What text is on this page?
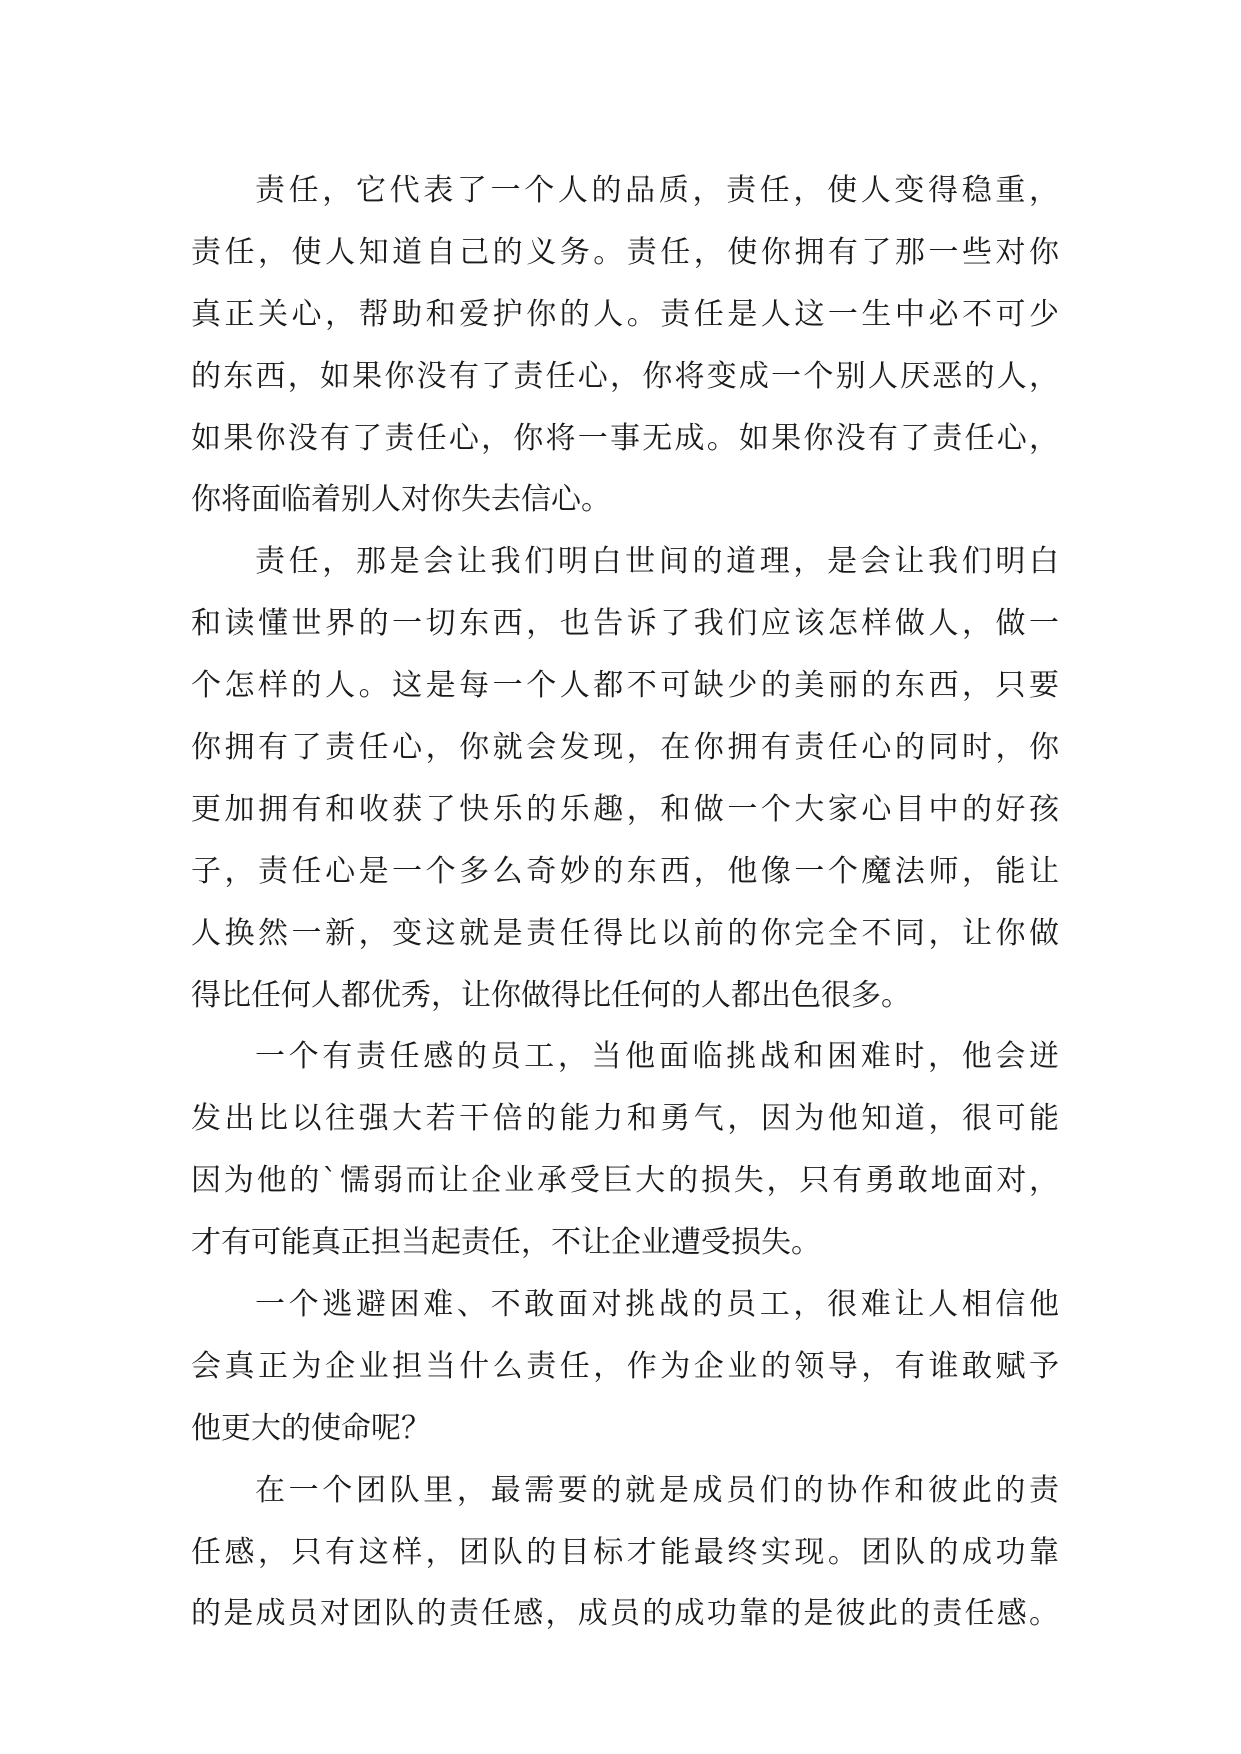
责任，它代表了一个人的品质，责任，使人变得稳重，
责任，使人知道自己的义务。责任，使你拥有了那一些对你
真正关心，帮助和爱护你的人。责任是人这一生中必不可少
的东西，如果你没有了责任心，你将变成一个别人厌恶的人，
如果你没有了责任心，你将一事无成。如果你没有了责任心，
你将面临着别人对你失去信心。
责任，那是会让我们明白世间的道理，是会让我们明白
和读懂世界的一切东西，也告诉了我们应该怎样做人，做一
个怎样的人。这是每一个人都不可缺少的美丽的东西，只要
你拥有了责任心，你就会发现，在你拥有责任心的同时，你
更加拥有和收获了快乐的乐趣，和做一个大家心目中的好孩
子，责任心是一个多么奇妙的东西，他像一个魔法师，能让
人换然一新，变这就是责任得比以前的你完全不同，让你做
得比任何人都优秀，让你做得比任何的人都出色很多。
一个有责任感的员工，当他面临挑战和困难时，他会迸
发出比以往强大若干倍的能力和勇气，因为他知道，很可能
因为他的`懦弱而让企业承受巨大的损失，只有勇敢地面对，
才有可能真正担当起责任，不让企业遭受损失。
一个逃避困难、不敢面对挑战的员工，很难让人相信他
会真正为企业担当什么责任，作为企业的领导，有谁敢赋予
他更大的使命呢？
在一个团队里，最需要的就是成员们的协作和彼此的责
任感，只有这样，团队的目标才能最终实现。团队的成功靠
的是成员对团队的责任感，成员的成功靠的是彼此的责任感。
